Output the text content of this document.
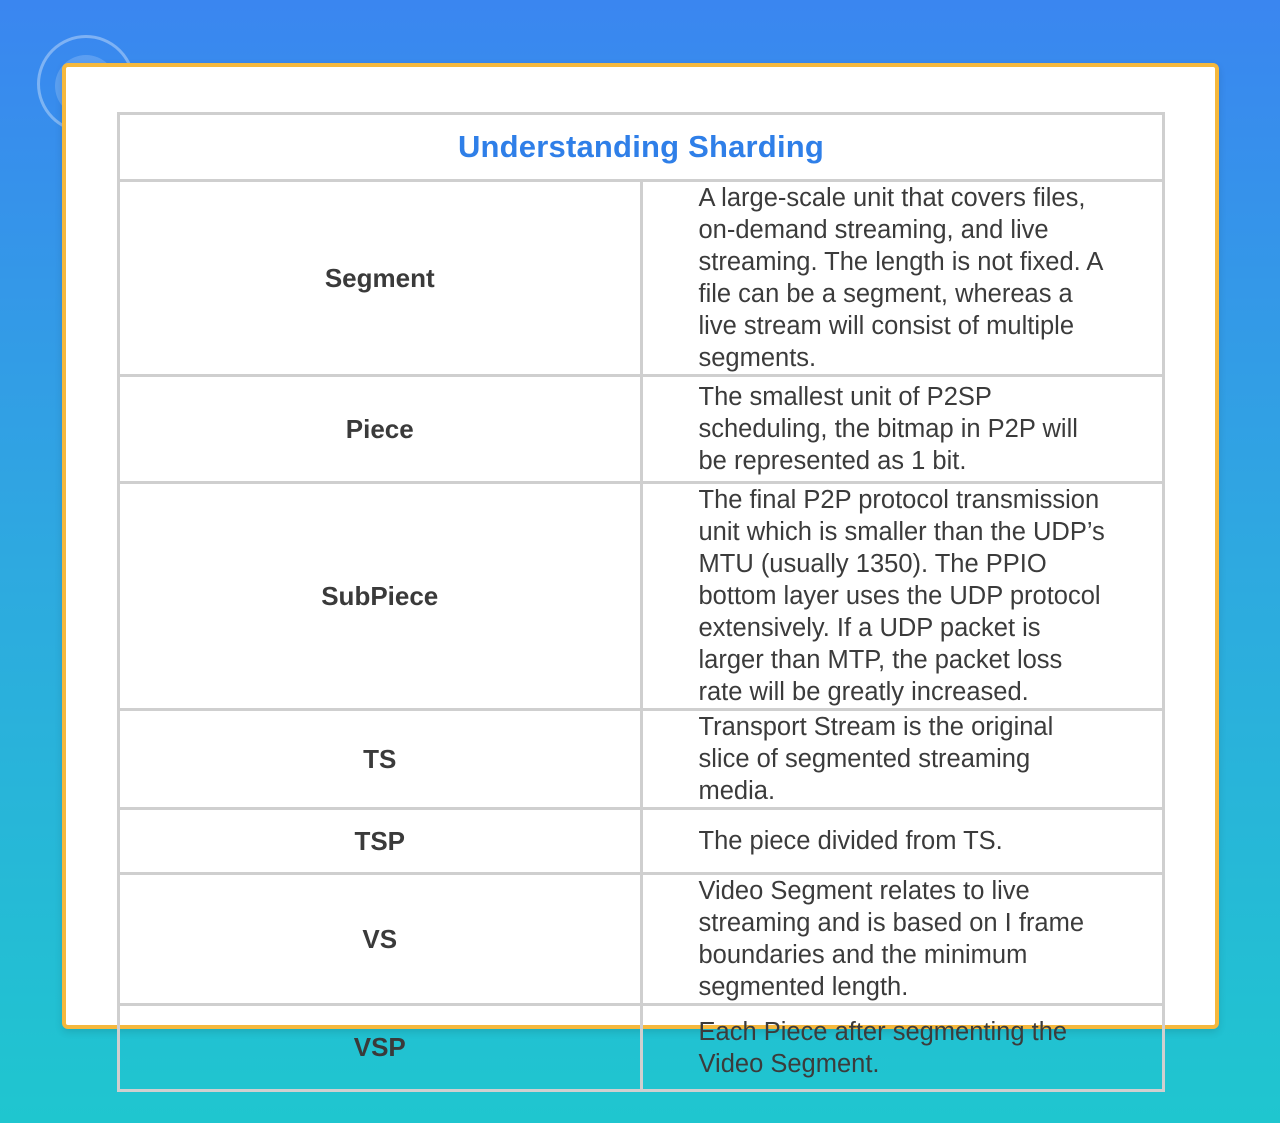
Understanding Sharding	
Segment	A large-scale unit that covers files, on-demand streaming, and live streaming. The length is not fixed. A file can be a segment, whereas a live stream will consist of multiple segments.
Piece	The smallest unit of P2SP scheduling, the bitmap in P2P will be represented as 1 bit.
SubPiece	The final P2P protocol transmission unit which is smaller than the UDP’s MTU (usually 1350). The PPIO bottom layer uses the UDP protocol extensively. If a UDP packet is larger than MTP, the packet loss rate will be greatly increased.
TS	Transport Stream is the original slice of segmented streaming media.
TSP	The piece divided from TS.
VS	Video Segment relates to live streaming and is based on I frame boundaries and the minimum segmented length.
VSP	Each Piece after segmenting the Video Segment.
